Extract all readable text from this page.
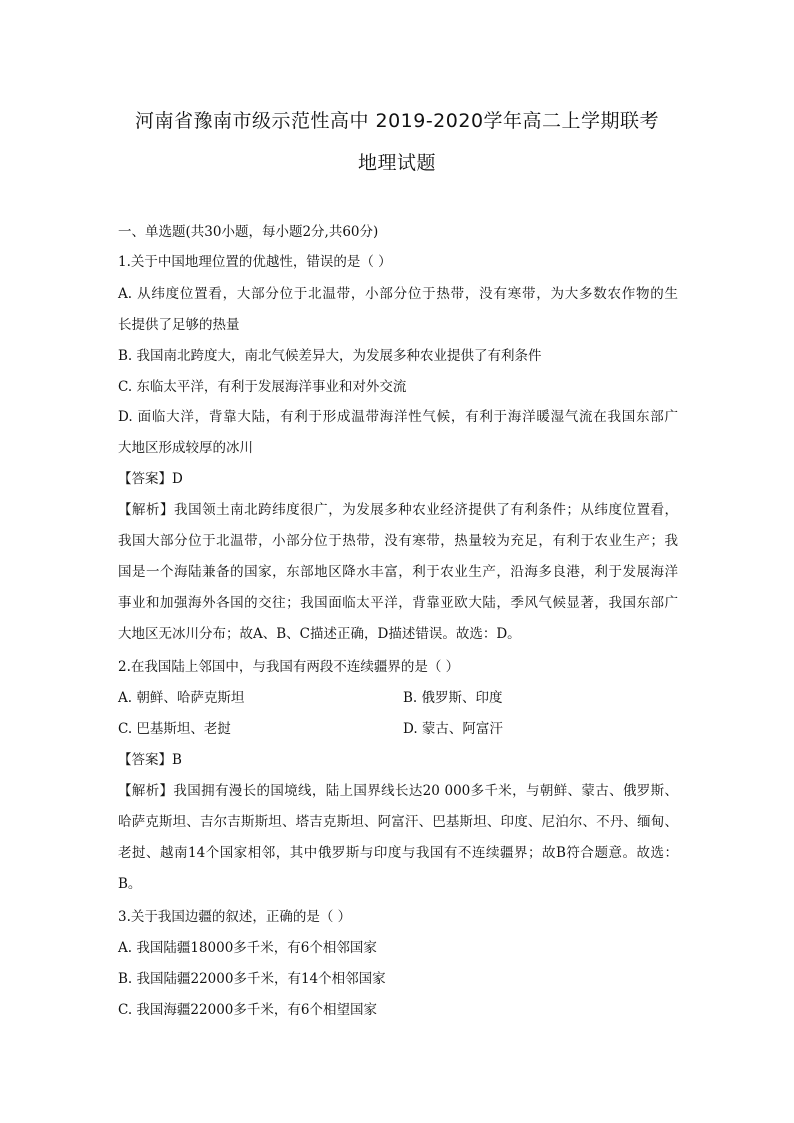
河南省豫南市级示范性高中 2019-2020学年高二上学期联考
地理试题
一、单选题(共30小题，每小题2分,共60分)
1.关于中国地理位置的优越性，错误的是（ ）
A. 从纬度位置看，大部分位于北温带，小部分位于热带，没有寒带，为大多数农作物的生
长提供了足够的热量
B. 我国南北跨度大，南北气候差异大，为发展多种农业提供了有利条件
C. 东临太平洋，有利于发展海洋事业和对外交流
D. 面临大洋，背靠大陆，有利于形成温带海洋性气候，有利于海洋暖湿气流在我国东部广
大地区形成较厚的冰川
【答案】D
【解析】我国领土南北跨纬度很广，为发展多种农业经济提供了有利条件；从纬度位置看，
我国大部分位于北温带，小部分位于热带，没有寒带，热量较为充足，有利于农业生产；我
国是一个海陆兼备的国家，东部地区降水丰富，利于农业生产，沿海多良港，利于发展海洋
事业和加强海外各国的交往；我国面临太平洋，背靠亚欧大陆，季风气候显著，我国东部广
大地区无冰川分布；故A、B、C描述正确，D描述错误。故选：D。
2.在我国陆上邻国中，与我国有两段不连续疆界的是（ ）
A. 朝鲜、哈萨克斯坦	B. 俄罗斯、印度
C. 巴基斯坦、老挝	D. 蒙古、阿富汗
【答案】B
【解析】我国拥有漫长的国境线，陆上国界线长达20 000多千米，与朝鲜、蒙古、俄罗斯、
哈萨克斯坦、吉尔吉斯斯坦、塔吉克斯坦、阿富汗、巴基斯坦、印度、尼泊尔、不丹、缅甸、
老挝、越南14个国家相邻，其中俄罗斯与印度与我国有不连续疆界；故B符合题意。故选：
B。
3.关于我国边疆的叙述，正确的是（ ）
A. 我国陆疆18000多千米，有6个相邻国家
B. 我国陆疆22000多千米，有14个相邻国家
C. 我国海疆22000多千米，有6个相望国家
